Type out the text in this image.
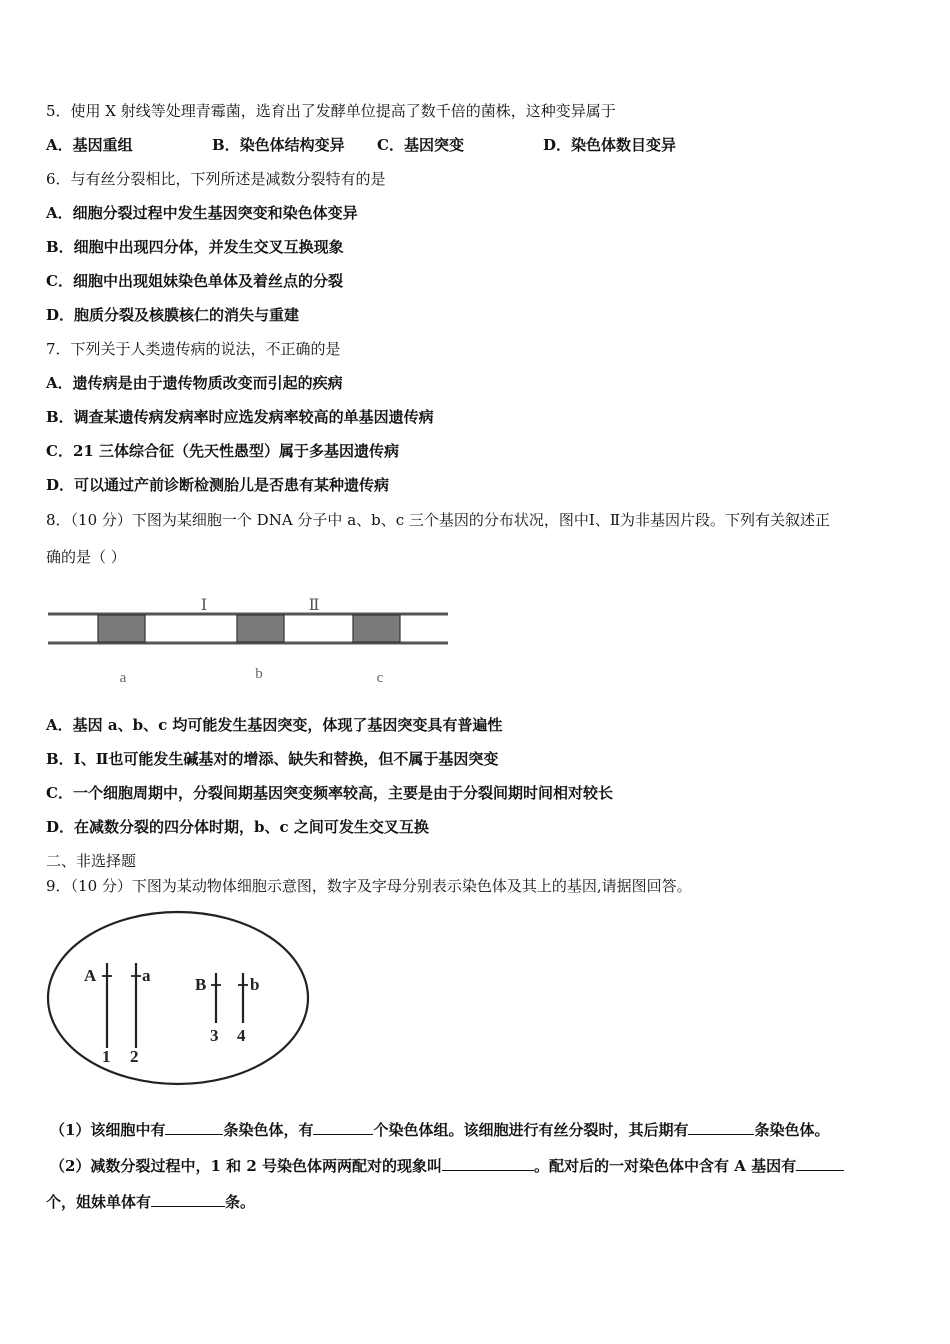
5．使用 X 射线等处理青霉菌，选育出了发酵单位提高了数千倍的菌株，这种变异属于
A．基因重组	B．染色体结构变异 C．基因突变	D．染色体数目变异
6．与有丝分裂相比，下列所述是减数分裂特有的是
A．细胞分裂过程中发生基因突变和染色体变异
B．细胞中出现四分体，并发生交叉互换现象
C．细胞中出现姐妹染色单体及着丝点的分裂
D．胞质分裂及核膜核仁的消失与重建
7．下列关于人类遗传病的说法，不正确的是
A．遗传病是由于遗传物质改变而引起的疾病
B．调查某遗传病发病率时应选发病率较高的单基因遗传病
C．21 三体综合征（先天性愚型）属于多基因遗传病
D．可以通过产前诊断检测胎儿是否患有某种遗传病
8．（10 分）下图为某细胞一个 DNA 分子中 a、b、c 三个基因的分布状况，图中Ⅰ、Ⅱ为非基因片段。下列有关叙述正
确的是（ ）
Ⅰ	Ⅱ
a	b	c
A．基因 a、b、c 均可能发生基因突变，体现了基因突变具有普遍性
B．Ⅰ、Ⅱ也可能发生碱基对的增添、缺失和替换，但不属于基因突变
C．一个细胞周期中，分裂间期基因突变频率较高，主要是由于分裂间期时间相对较长
D．在减数分裂的四分体时期，b、c 之间可发生交叉互换
二、非选择题
9．（10 分）下图为某动物体细胞示意图，数字及字母分别表示染色体及其上的基因,请据图回答。
A	a	B	b
1 2
3 4
（1）该细胞中有	条染色体，有	个染色体组。该细胞进行有丝分裂时，其后期有	条染色体。
（2）减数分裂过程中，1 和 2 号染色体两两配对的现象叫	。配对后的一对染色体中含有 A 基因有
个，姐妹单体有	条。
